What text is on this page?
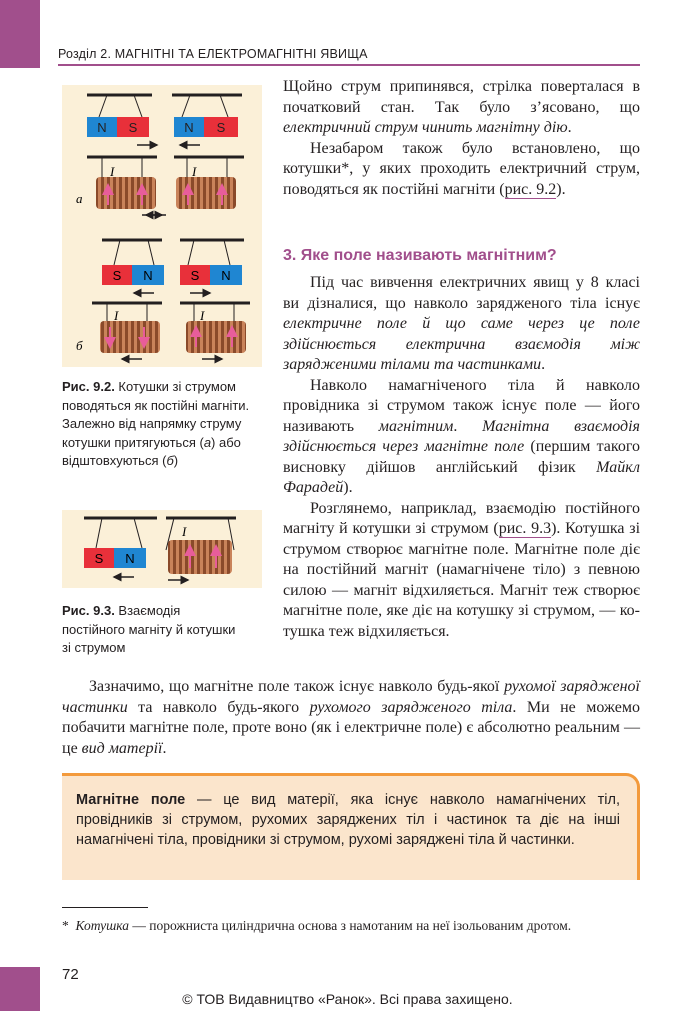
Розділ 2. МАГНІТНІ ТА ЕЛЕКТРОМАГНІТНІ ЯВИЩА
N S	N S
I	I
а
S N	S N
I	I
б
Рис. 9.2. Котушки зі струмом поводяться як постійні магніти. Залежно від напрямку струму котушки притягуються (а) або відштовхуються (б)
S N
I
Рис. 9.3. Взаємодія постійного магніту й котушки зі струмом

Щойно струм припинявся, стрілка поверталася в початковий стан. Так було з’ясовано, що електричний струм чинить магнітну дію.

Незабаром також було встановлено, що котушки*, у яких проходить електричний струм, поводяться як постійні магніти (рис. 9.2).

3. Яке поле називають магнітним?

Під час вивчення електричних явищ у 8 класі ви дізналися, що навколо зарядженого тіла існує електричне поле й що саме через це поле здійснюється електрична взаємодія між зарядженими тілами та частинками.

Навколо намагніченого тіла й навколо провідника зі струмом також існує поле — його називають магнітним. Магнітна взаємодія здійснюється через магнітне поле (першим такого висновку дійшов англійський фізик Майкл Фарадей).

Розглянемо, наприклад, взаємодію постійного магніту й котушки зі струмом (рис. 9.3). Котушка зі струмом створює магнітне поле. Магнітне поле діє на постійний магніт (намагнічене тіло) з певною силою — магніт відхиляється. Магніт теж створює магнітне поле, яке діє на котушку зі струмом, — котушка теж відхиляється.

Зазначимо, що магнітне поле також існує навколо будь-якої рухомої зарядженої частинки та навколо будь-якого рухомого зарядженого тіла. Ми не можемо побачити магнітне поле, проте воно (як і електричне поле) є абсолютно реальним — це вид матерії.

Магнітне поле — це вид матерії, яка існує навколо намагнічених тіл, провідників зі струмом, рухомих заряджених тіл і частинок та діє на інші намагнічені тіла, провідники зі струмом, рухомі заряджені тіла й частинки.
* Котушка — порожниста циліндрична основа з намотаним на неї ізольованим дротом.
72
© ТОВ Видавництво «Ранок». Всі права захищено.
